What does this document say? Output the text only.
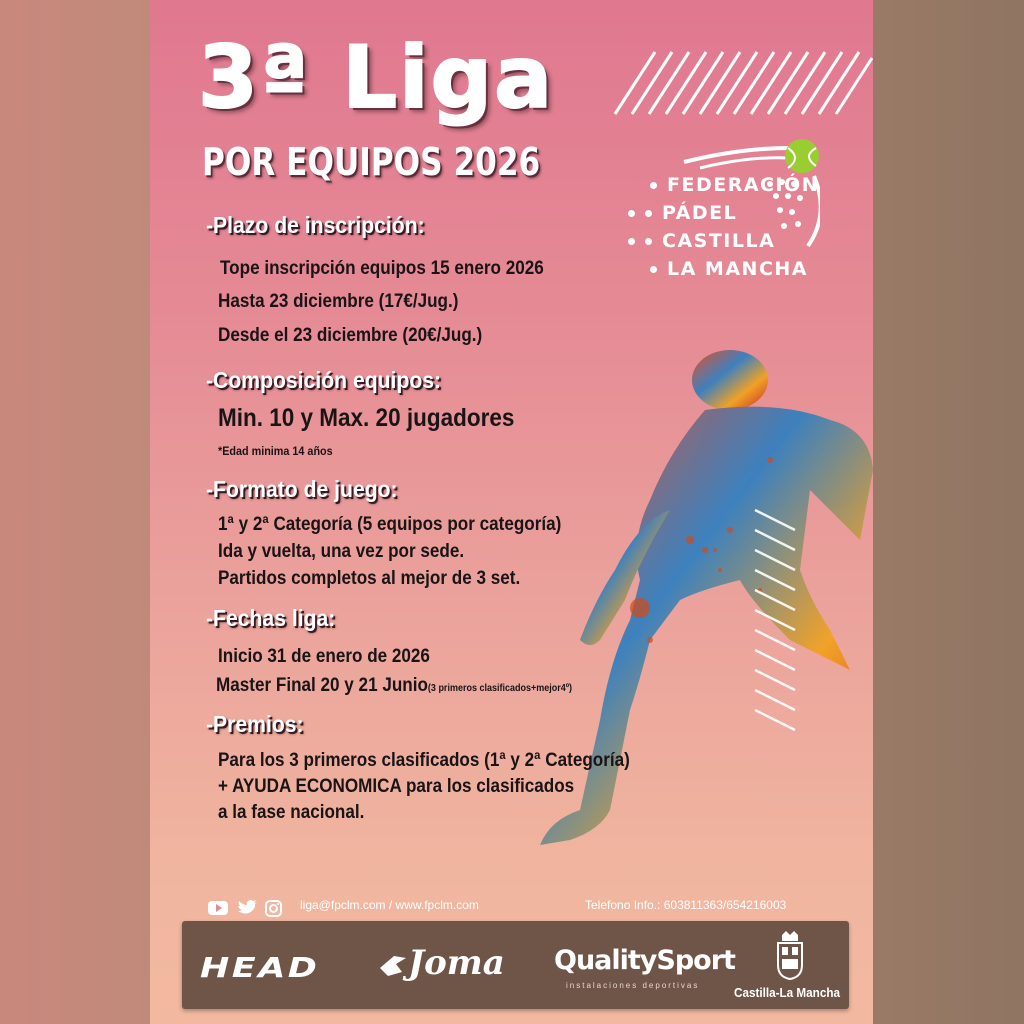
3ª Liga
POR EQUIPOS 2026
FEDERACIÓN
PÁDEL
CASTILLA
LA MANCHA
-Plazo de inscripción:

Tope inscripción equipos 15 enero 2026

Hasta 23 diciembre (17€/Jug.)

Desde el 23 diciembre (20€/Jug.)

-Composición equipos:

Min. 10 y Max. 20 jugadores

*Edad minima 14 años

-Formato de juego:

1ª y 2ª Categoría (5 equipos por categoría)

Ida y vuelta, una vez por sede.

Partidos completos al mejor de 3 set.

-Fechas liga:

Inicio 31 de enero de 2026

Master Final 20 y 21 Junio(3 primeros clasificados+mejor4º)

-Premios:

Para los 3 primeros clasificados (1ª y 2ª Categoría)

+ AYUDA ECONOMICA para los clasificados

a la fase nacional.

liga@fpclm.com / www.fpclm.com	Telefono Info.: 603811363/654216003
HEAD	Joma QualitySport
instalaciones deportivas	Castilla-La Mancha
